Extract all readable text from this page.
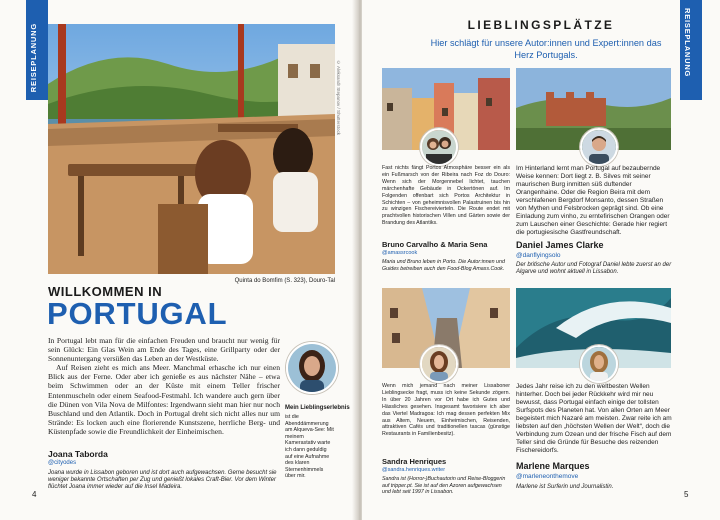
REISEPLANUNG
© Aleksandr Stepanov / Shutterstock
Quinta do Bomfim (S. 323), Douro-Tal
WILLKOMMEN IN
PORTUGAL

In Portugal lebt man für die einfachen Freuden und braucht nur wenig für sein Glück: Ein Glas Wein am Ende des Tages, eine Grillparty oder der Sonnenuntergang versüßen das Leben an der Westküste.

Auf Reisen zieht es mich ans Meer. Manchmal erhasche ich nur einen Blick aus der Ferne. Oder aber ich genieße es aus nächster Nähe – etwa beim Schwimmen oder an der Küste mit einem Teller frischer Entenmuscheln oder einem Seafood-Festmahl. Ich wandere auch gern über die Dünen von Vila Nova de Milfontes: Irgendwann sieht man hier nur noch Buschland und den Atlantik. Doch in Portugal dreht sich nicht alles nur um Strände: Es locken auch eine florierende Kunstszene, herrliche Berg- und Küstenpfade sowie die Freundlichkeit der Einheimischen.

Mein Lieblingserlebnis
ist die Abenddämmerung am Alqueva-See: Mit meinem Kamerastativ warte ich dann geduldig auf eine Aufnahme des klaren Sternenhimmels über mir.
Joana Taborda
@cityodes
Joana wurde in Lissabon geboren und ist dort auch aufgewachsen. Gerne besucht sie weniger bekannte Ortschaften per Zug und genießt lokales Craft-Bier. Vor dem Winter flüchtet Joana immer wieder auf die Insel Madeira.
4
REISEPLANUNG
LIEBLINGSPLÄTZE
Hier schlägt für unsere Autor:innen und Expert:innen das Herz Portugals.
Fast nichts fängt Portos Atmosphäre besser ein als ein Fußmarsch von der Ribeira nach Foz do Douro: Wenn sich der Morgennebel lichtet, tauchen märchenhafte Gebäude in Ockertönen auf. Im Folgenden offenbart sich Portos Architektur in Schichten – von geheimnisvollen Palastruinen bis hin zu winzigen Fischereivierteln. Die Route endet mit prachtvollen historischen Villen und Gärten sowie der Brandung des Atlantiks.
Bruno Carvalho & Maria Sena
@amassrcook
Maria und Bruno leben in Porto. Die Autor:innen und Guides betreiben auch den Food-Blog Amass.Cook.
Im Hinterland lernt man Portugal auf bezaubernde Weise kennen: Dort liegt z. B. Silves mit seiner maurischen Burg inmitten süß duftender Orangenhaine. Oder die Region Beira mit dem verschlafenen Bergdorf Monsanto, dessen Straßen von Mythen und Felsbrocken geprägt sind. Ob eine Einladung zum vinho, zu ernteﬁrischen Orangen oder zum Lauschen einer Geschichte: Gerade hier regiert die portugiesische Gastfreundschaft.
Daniel James Clarke
@danflyingsolo
Der britische Autor und Fotograf Daniel lebte zuerst an der Algarve und wohnt aktuell in Lissabon.
Wenn mich jemand nach meiner Lissaboner Lieblingsecke fragt, muss ich keine Sekunde zögern. In über 20 Jahren vor Ort habe ich Gutes und Hässliches gesehen. Insgesamt favorisiere ich aber das Viertel Madragoa: Ich mag dessen perfekten Mix aus Altem, Neuem, Einheimischen, Reisenden, attraktiven Cafés und traditionellen tascas (günstige Restaurants in Familienbesitz).
Sandra Henriques
@sandra.henriques.writer
Sandra ist (Horror-)Buchautorin und Reise-Bloggerin auf tripper.pt. Sie ist auf den Azoren aufgewachsen und lebt seit 1997 in Lissabon.
Jedes Jahr reise ich zu den weltbesten Wellen hinterher. Doch bei jeder Rückkehr wird mir neu bewusst, dass Portugal einfach einige der tollsten Surfspots des Planeten hat. Von allen Orten am Meer begeistert mich Nazaré am meisten. Zwar reite ich am liebsten auf den „höchsten Wellen der Welt“, doch die Verbindung zum Ozean und der frische Fisch auf dem Teller sind die Gründe für Besuche des reizenden Fischereidorfs.
Marlene Marques
@marleneonthemove
Marlene ist Surferin und Journalistin.
5
